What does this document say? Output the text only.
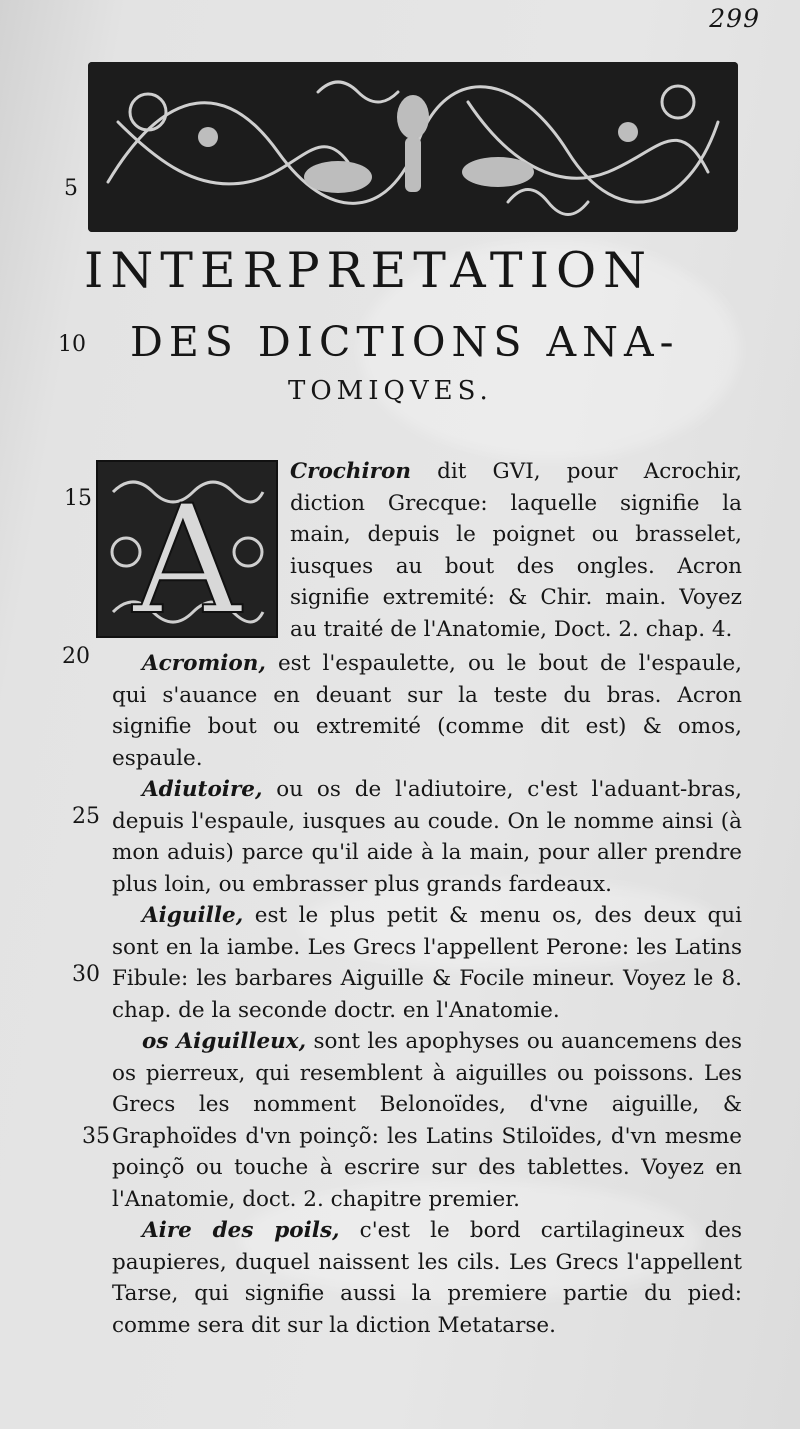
299
5
10
15
20
25
30
35
INTERPRETATION
DES DICTIONS ANA-
TOMIQVES.
A

Crochiron dit GVI, pour Acrochir, diction Grecque: laquelle signifie la main, depuis le poignet ou brasselet, iusques au bout des ongles. Acron signifie extremité: & Chir. main. Voyez au traité de l'Anatomie, Doct. 2. chap. 4.

Acromion, est l'espaulette, ou le bout de l'espaule, qui s'auance en deuant sur la teste du bras. Acron signifie bout ou extremité (comme dit est) & omos, espaule.

Adiutoire, ou os de l'adiutoire, c'est l'aduant-bras, depuis l'espaule, iusques au coude. On le nomme ainsi (à mon aduis) parce qu'il aide à la main, pour aller prendre plus loin, ou embrasser plus grands fardeaux.

Aiguille, est le plus petit & menu os, des deux qui sont en la iambe. Les Grecs l'appellent Perone: les Latins Fibule: les barbares Aiguille & Focile mineur. Voyez le 8. chap. de la seconde doctr. en l'Anatomie.

os Aiguilleux, sont les apophyses ou auancemens des os pierreux, qui resemblent à aiguilles ou poissons. Les Grecs les nomment Belonoïdes, d'vne aiguille, & Graphoïdes d'vn poinçõ: les Latins Stiloïdes, d'vn mesme poinçõ ou touche à escrire sur des tablettes. Voyez en l'Anatomie, doct. 2. chapitre premier.

Aire des poils, c'est le bord cartilagineux des paupieres, duquel naissent les cils. Les Grecs l'appellent Tarse, qui signifie aussi la premiere partie du pied: comme sera dit sur la diction Metatarse.
